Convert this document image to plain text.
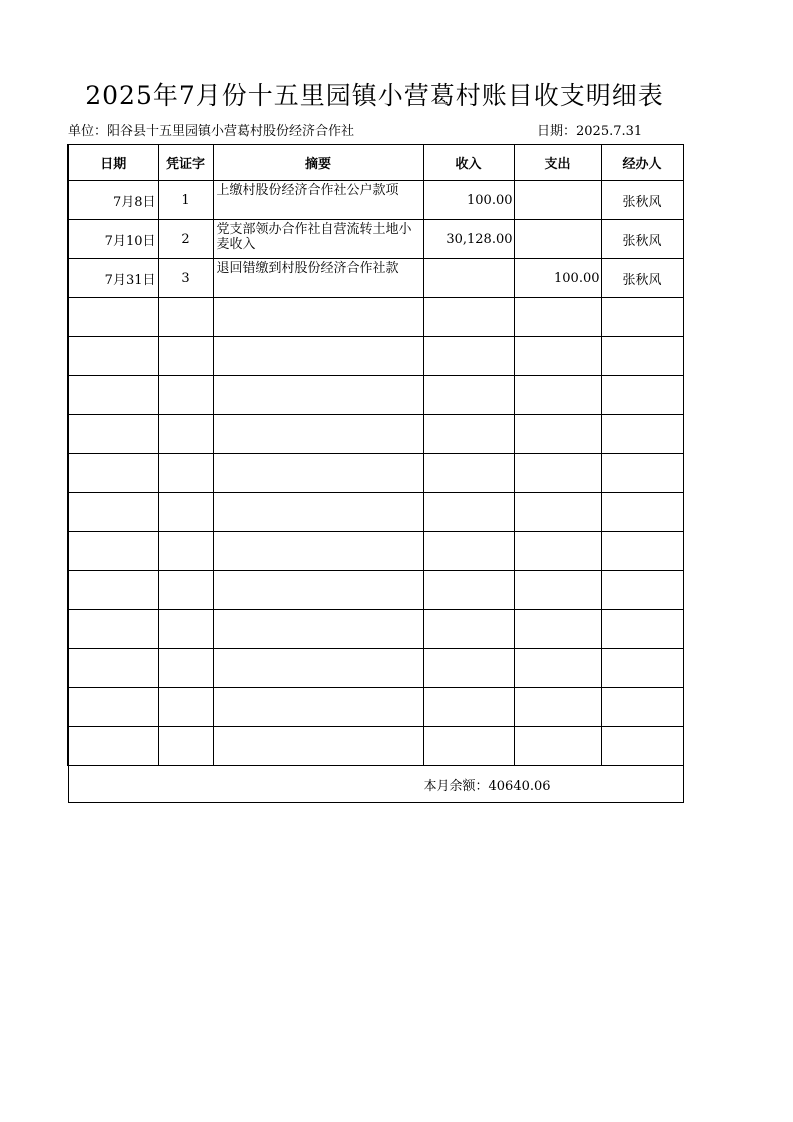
2025年7月份十五里园镇小营葛村账目收支明细表
单位：阳谷县十五里园镇小营葛村股份经济合作社	日期：2025.7.31
日期	凭证字	摘要	收入	支出	经办人
7月8日	1	上缴村股份经济合作社公户款项	100.00		张秋风
7月10日	2	党支部领办合作社自营流转土地小麦收入	30,128.00		张秋风
7月31日	3	退回错缴到村股份经济合作社款		100.00	张秋风

本月余额：40640.06					
